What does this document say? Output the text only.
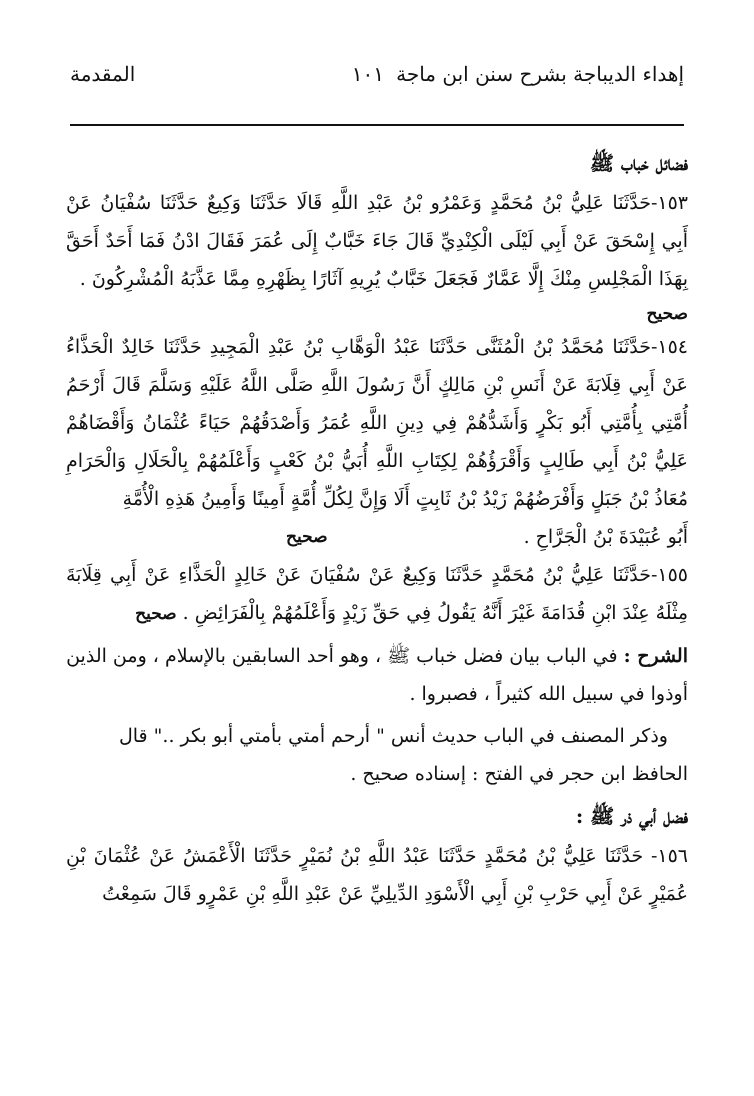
إهداء الديباجة بشرح سنن ابن ماجة
١٠١
المقدمة
فضائل خباب ﷺ

١٥٣-حَدَّثَنَا عَلِيُّ بْنُ مُحَمَّدٍ وَعَمْرُو بْنُ عَبْدِ اللَّهِ قَالَا حَدَّثَنَا وَكِيعٌ حَدَّثَنَا سُفْيَانُ عَنْ أَبِي إِسْحَقَ عَنْ أَبِي لَيْلَى الْكِنْدِيِّ قَالَ جَاءَ خَبَّابٌ إِلَى عُمَرَ فَقَالَ ادْنُ فَمَا أَحَدٌ أَحَقَّ بِهَذَا الْمَجْلِسِ مِنْكَ إِلَّا عَمَّارٌ فَجَعَلَ خَبَّابٌ يُرِيهِ آثَارًا بِظَهْرِهِ مِمَّا عَذَّبَهُ الْمُشْرِكُونَ .

صحيح

١٥٤-حَدَّثَنَا مُحَمَّدُ بْنُ الْمُثَنَّى حَدَّثَنَا عَبْدُ الْوَهَّابِ بْنُ عَبْدِ الْمَجِيدِ حَدَّثَنَا خَالِدٌ الْحَذَّاءُ عَنْ أَبِي قِلَابَةَ عَنْ أَنَسِ بْنِ مَالِكٍ أَنَّ رَسُولَ اللَّهِ صَلَّى اللَّهُ عَلَيْهِ وَسَلَّمَ قَالَ أَرْحَمُ أُمَّتِي بِأُمَّتِي أَبُو بَكْرٍ وَأَشَدُّهُمْ فِي دِينِ اللَّهِ عُمَرُ وَأَصْدَقُهُمْ حَيَاءً عُثْمَانُ وَأَقْضَاهُمْ عَلِيُّ بْنُ أَبِي طَالِبٍ وَأَقْرَؤُهُمْ لِكِتَابِ اللَّهِ أُبَيُّ بْنُ كَعْبٍ وَأَعْلَمُهُمْ بِالْحَلَالِ وَالْحَرَامِ مُعَاذُ بْنُ جَبَلٍ وَأَفْرَضُهُمْ زَيْدُ بْنُ ثَابِتٍ أَلَا وَإِنَّ لِكُلِّ أُمَّةٍ أَمِينًا وَأَمِينُ هَذِهِ الْأُمَّةِ

أَبُو عُبَيْدَةَ بْنُ الْجَرَّاحِ .
صحيح

١٥٥-حَدَّثَنَا عَلِيُّ بْنُ مُحَمَّدٍ حَدَّثَنَا وَكِيعٌ عَنْ سُفْيَانَ عَنْ خَالِدٍ الْحَذَّاءِ عَنْ أَبِي قِلَابَةَ مِثْلَهُ عِنْدَ ابْنِ قُدَامَةَ غَيْرَ أَنَّهُ يَقُولُ فِي حَقِّ زَيْدٍ وَأَعْلَمُهُمْ بِالْفَرَائِضِ . صحيح

الشرح : في الباب بيان فضل خباب ﷺ ، وهو أحد السابقين بالإسلام ، ومن الذين أوذوا في سبيل الله كثيراً ، فصبروا .

وذكر المصنف في الباب حديث أنس " أرحم أمتي بأمتي أبو بكر .." قال الحافظ ابن حجر في الفتح : إسناده صحيح .

فضل أبي ذر ﷺ :

١٥٦- حَدَّثَنَا عَلِيُّ بْنُ مُحَمَّدٍ حَدَّثَنَا عَبْدُ اللَّهِ بْنُ نُمَيْرٍ حَدَّثَنَا الْأَعْمَشُ عَنْ عُثْمَانَ بْنِ عُمَيْرٍ عَنْ أَبِي حَرْبِ بْنِ أَبِي الْأَسْوَدِ الدِّيلِيِّ عَنْ عَبْدِ اللَّهِ بْنِ عَمْرٍو قَالَ سَمِعْتُ
